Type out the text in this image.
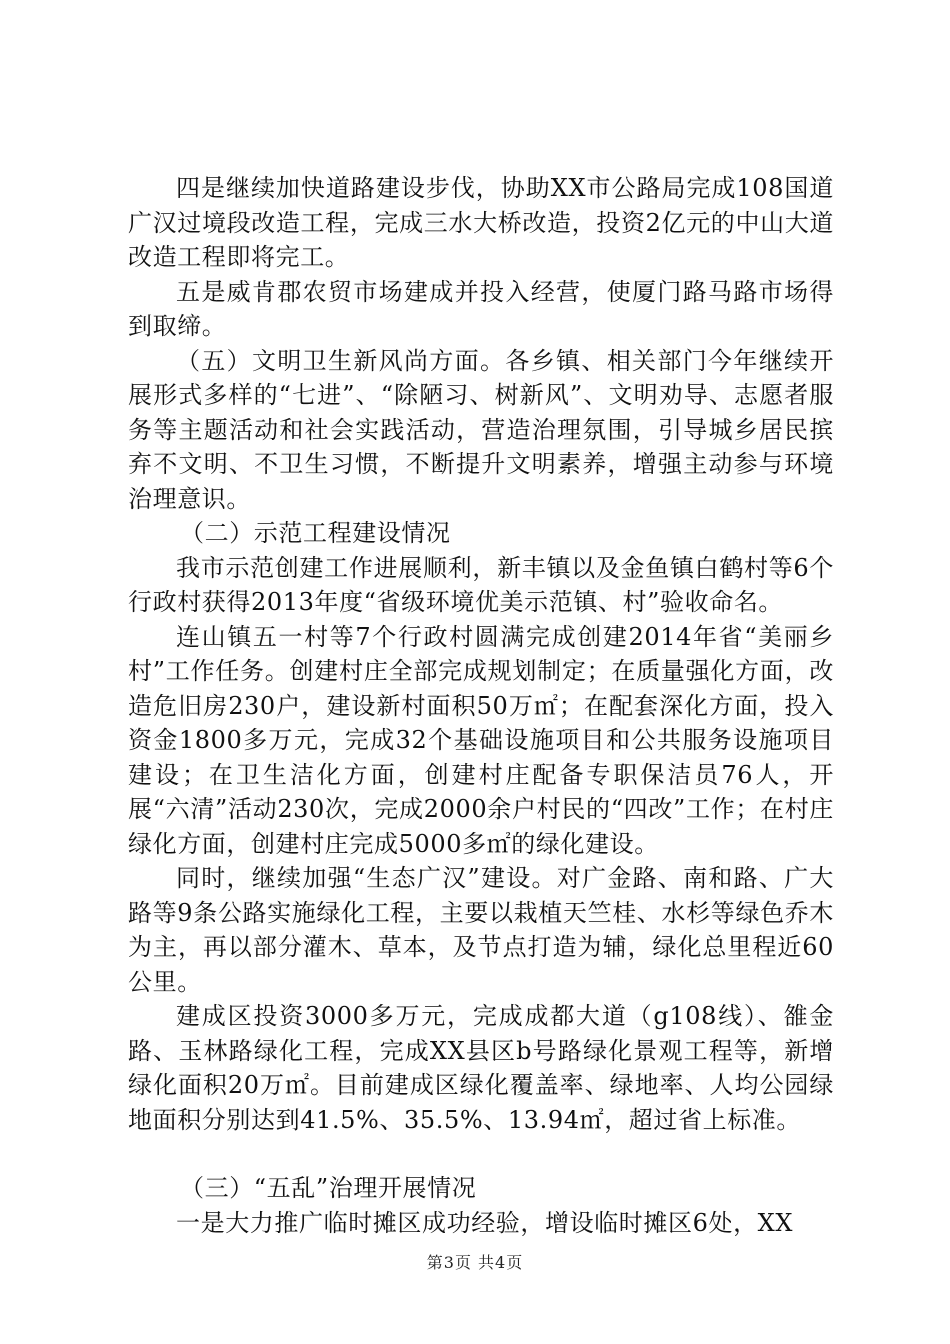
四是继续加快道路建设步伐，协助XX市公路局完成108国道广汉过境段改造工程，完成三水大桥改造，投资2亿元的中山大道改造工程即将完工。

五是威肯郡农贸市场建成并投入经营，使厦门路马路市场得到取缔。

（五）文明卫生新风尚方面。各乡镇、相关部门今年继续开展形式多样的“七进”、“除陋习、树新风”、文明劝导、志愿者服务等主题活动和社会实践活动，营造治理氛围，引导城乡居民摈弃不文明、不卫生习惯，不断提升文明素养，增强主动参与环境治理意识。

（二）示范工程建设情况

我市示范创建工作进展顺利，新丰镇以及金鱼镇白鹤村等6个行政村获得2013年度“省级环境优美示范镇、村”验收命名。

连山镇五一村等7个行政村圆满完成创建2014年省“美丽乡村”工作任务。创建村庄全部完成规划制定；在质量强化方面，改造危旧房230户，建设新村面积50万㎡；在配套深化方面，投入资金1800多万元，完成32个基础设施项目和公共服务设施项目建设；在卫生洁化方面，创建村庄配备专职保洁员76人，开展“六清”活动230次，完成2000余户村民的“四改”工作；在村庄绿化方面，创建村庄完成5000多㎡的绿化建设。

同时，继续加强“生态广汉”建设。对广金路、南和路、广大路等9条公路实施绿化工程，主要以栽植天竺桂、水杉等绿色乔木为主，再以部分灌木、草本，及节点打造为辅，绿化总里程近60公里。

建成区投资3000多万元，完成成都大道（g108线）、雒金路、玉林路绿化工程，完成XX县区b号路绿化景观工程等，新增绿化面积20万㎡。目前建成区绿化覆盖率、绿地率、人均公园绿地面积分别达到41.5%、35.5%、13.94㎡，超过省上标准。

（三）“五乱”治理开展情况

一是大力推广临时摊区成功经验，增设临时摊区6处，XX

第3页 共4页
